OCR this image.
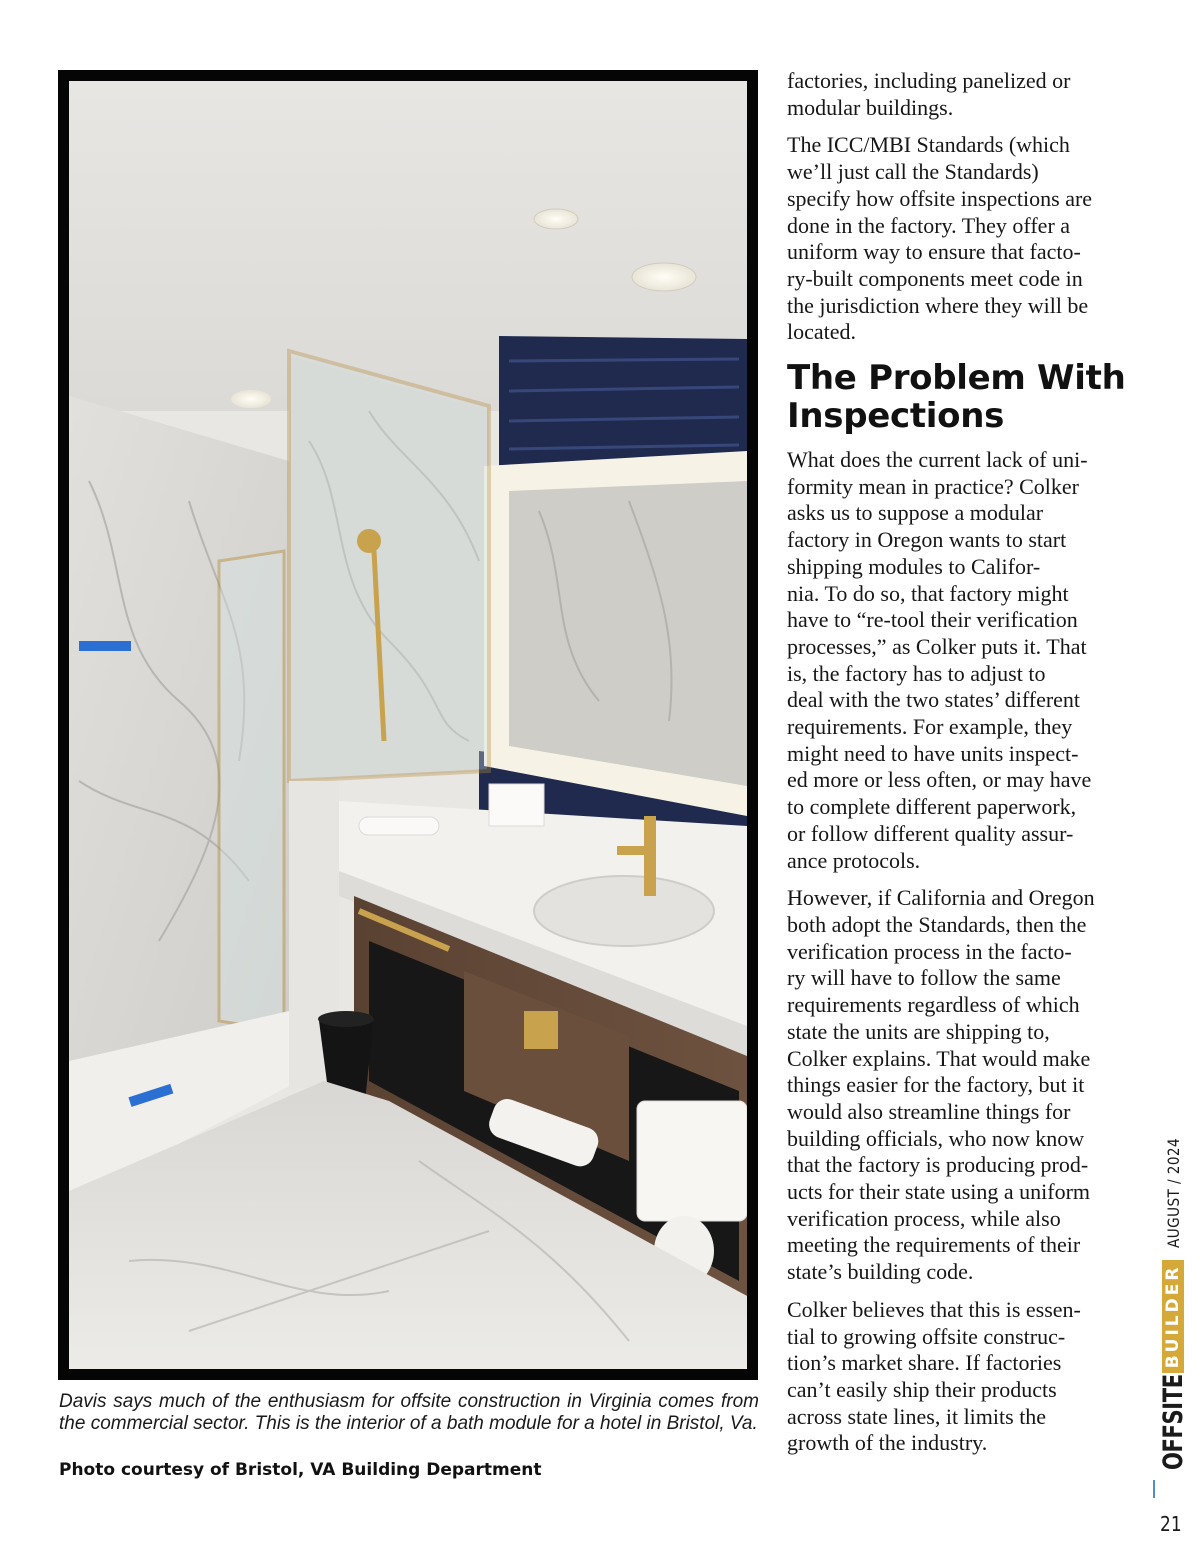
Davis says much of the enthusiasm for offsite construction in Virginia comes from the commercial sector. This is the interior of a bath module for a hotel in Bristol, Va.

Photo courtesy of Bristol, VA Building Department

factories, including panelized or
modular buildings.

The ICC/MBI Standards (which
we’ll just call the Standards)
specify how offsite inspections are
done in the factory. They offer a
uniform way to ensure that facto-
ry-built components meet code in
the jurisdiction where they will be
located.

The Problem With
Inspections

What does the current lack of uni-
formity mean in practice? Colker
asks us to suppose a modular
factory in Oregon wants to start
shipping modules to Califor-
nia. To do so, that factory might
have to “re-tool their verification
processes,” as Colker puts it. That
is, the factory has to adjust to
deal with the two states’ different
requirements. For example, they
might need to have units inspect-
ed more or less often, or may have
to complete different paperwork,
or follow different quality assur-
ance protocols.

However, if California and Oregon
both adopt the Standards, then the
verification process in the facto-
ry will have to follow the same
requirements regardless of which
state the units are shipping to,
Colker explains. That would make
things easier for the factory, but it
would also streamline things for
building officials, who now know
that the factory is producing prod-
ucts for their state using a uniform
verification process, while also
meeting the requirements of their
state’s building code.

Colker believes that this is essen-
tial to growing offsite construc-
tion’s market share. If factories
can’t easily ship their products
across state lines, it limits the
growth of the industry.	OFFSITE
BUILDER
AUGUST / 2024
21
